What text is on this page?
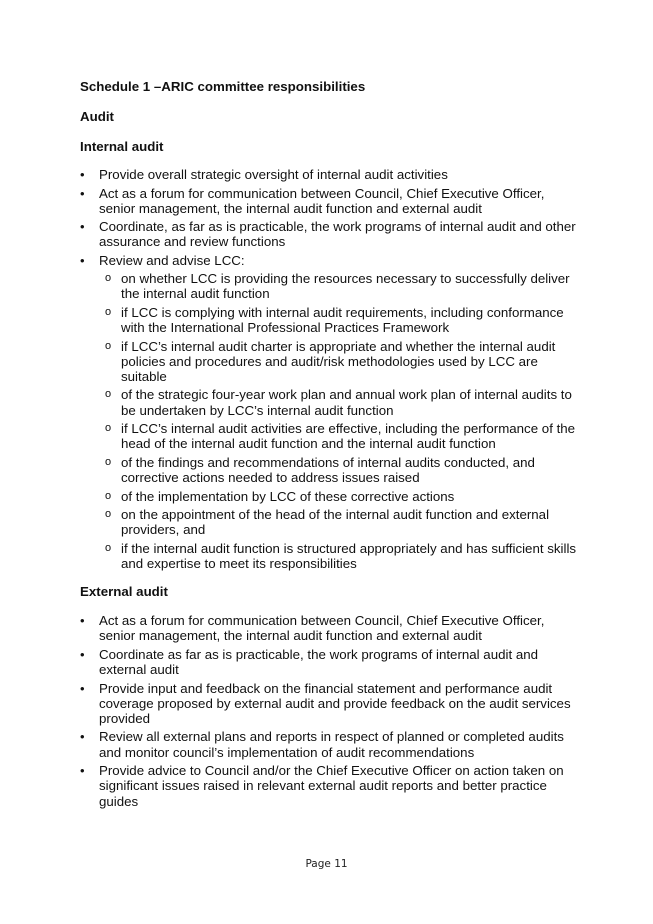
Schedule 1 –ARIC committee responsibilities

Audit

Internal audit

• Provide overall strategic oversight of internal audit activities
• Act as a forum for communication between Council, Chief Executive Officer, senior management, the internal audit function and external audit
• Coordinate, as far as is practicable, the work programs of internal audit and other assurance and review functions
• Review and advise LCC:
o on whether LCC is providing the resources necessary to successfully deliver the internal audit function
o if LCC is complying with internal audit requirements, including conformance with the International Professional Practices Framework
o if LCC’s internal audit charter is appropriate and whether the internal audit policies and procedures and audit/risk methodologies used by LCC are suitable
o of the strategic four-year work plan and annual work plan of internal audits to be undertaken by LCC’s internal audit function
o if LCC’s internal audit activities are effective, including the performance of the head of the internal audit function and the internal audit function
o of the findings and recommendations of internal audits conducted, and corrective actions needed to address issues raised
o of the implementation by LCC of these corrective actions
o on the appointment of the head of the internal audit function and external providers, and
o if the internal audit function is structured appropriately and has sufficient skills and expertise to meet its responsibilities

External audit

• Act as a forum for communication between Council, Chief Executive Officer, senior management, the internal audit function and external audit
• Coordinate as far as is practicable, the work programs of internal audit and external audit
• Provide input and feedback on the financial statement and performance audit coverage proposed by external audit and provide feedback on the audit services provided
• Review all external plans and reports in respect of planned or completed audits and monitor council’s implementation of audit recommendations
• Provide advice to Council and/or the Chief Executive Officer on action taken on significant issues raised in relevant external audit reports and better practice guides
Page 11
